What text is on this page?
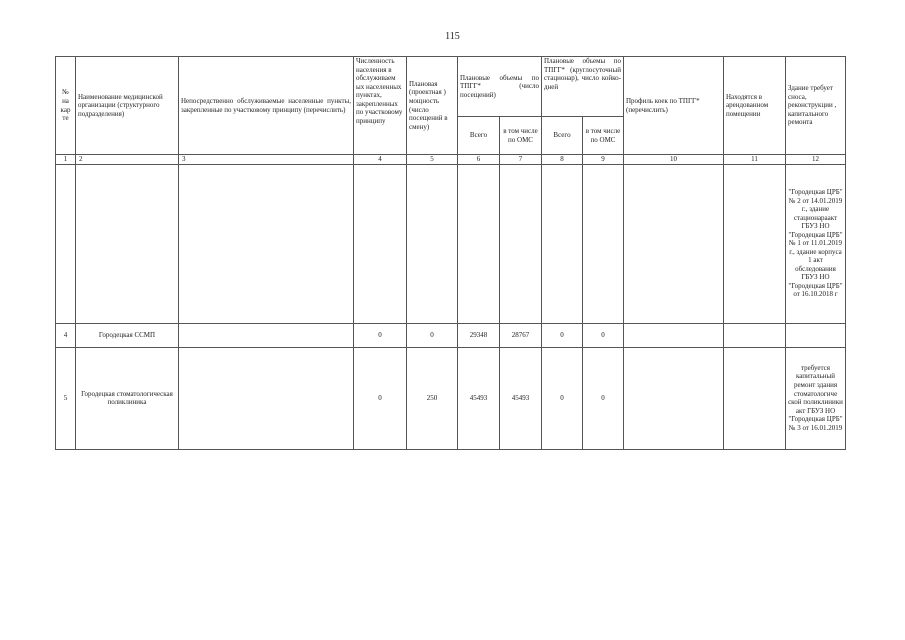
115
№ на кар те	Наименование медицинской организации (структурного подразделения)	Непосредственно обслуживаемые населенные пункты, закрепленные по участковому принципу (перечислить)	Численность населения в обслуживаем ых населенных пунктах, закрепленных по участковому принципу	Плановая (проектная ) мощность (число посещений в смену)	Плановые объемы по ТПГГ* (число посещений)		Плановые объемы по ТПГГ* (круглосуточный стационар), число койко-дней		Профиль коек по ТПГГ* (перечислить)	Находятся в арендованном помещении	Здание требует сноса, реконструкции , капитального ремонта
					Всего	в том числе по ОМС	Всего	в том числе по ОМС			
1	2	3	4	5	6	7	8	9	10	11	12
											"Городецкая ЦРБ" № 2 от 14.01.2019 г., здание стационараакт ГБУЗ НО "Городецкая ЦРБ" № 1 от 11.01.2019 г., здание корпуса 1 акт обследования ГБУЗ НО "Городецкая ЦРБ" от 16.10.2018 г
4	Городецкая ССМП		0	0	29348	28767	0	0			
5	Городецкая стоматологическая поликлиника		0	250	45493	45493	0	0			требуется капитальный ремонт здания стоматологиче ской поликлиники акт ГБУЗ НО "Городецкая ЦРБ" № 3 от 16.01.2019
